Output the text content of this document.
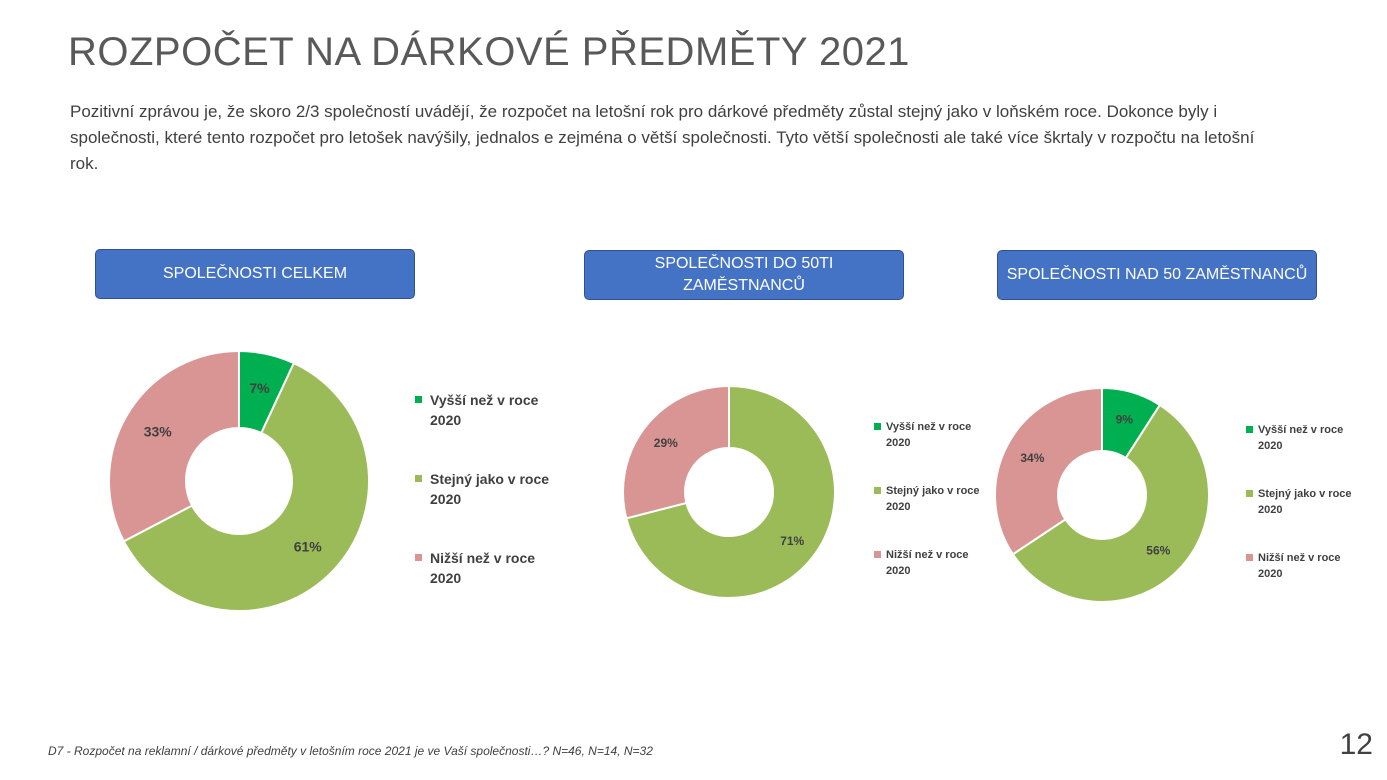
ROZPOČET NA DÁRKOVÉ PŘEDMĚTY 2021

Pozitivní zprávou je, že skoro 2/3 společností uvádějí, že rozpočet na letošní rok pro dárkové předměty zůstal stejný jako v loňském roce. Dokonce byly i společnosti, které tento rozpočet pro letošek navýšily, jednalos e zejména o větší společnosti. Tyto větší společnosti ale také více škrtaly v rozpočtu na letošní rok.

SPOLEČNOSTI CELKEM
SPOLEČNOSTI DO 50TI ZAMĚSTNANCŮ
SPOLEČNOSTI NAD 50 ZAMĚSTNANCŮ
7%
61%
33%
71%
29%
9%
56%
34%
Vyšší než v roce 2020
Stejný jako v roce 2020
Nižší než v roce 2020
Vyšší než v roce 2020
Stejný jako v roce 2020
Nižší než v roce 2020
Vyšší než v roce 2020
Stejný jako v roce 2020
Nižší než v roce 2020

D7 - Rozpočet na reklamní / dárkové předměty v letošním roce 2021 je ve Vaší společnosti…? N=46, N=14, N=32	12
